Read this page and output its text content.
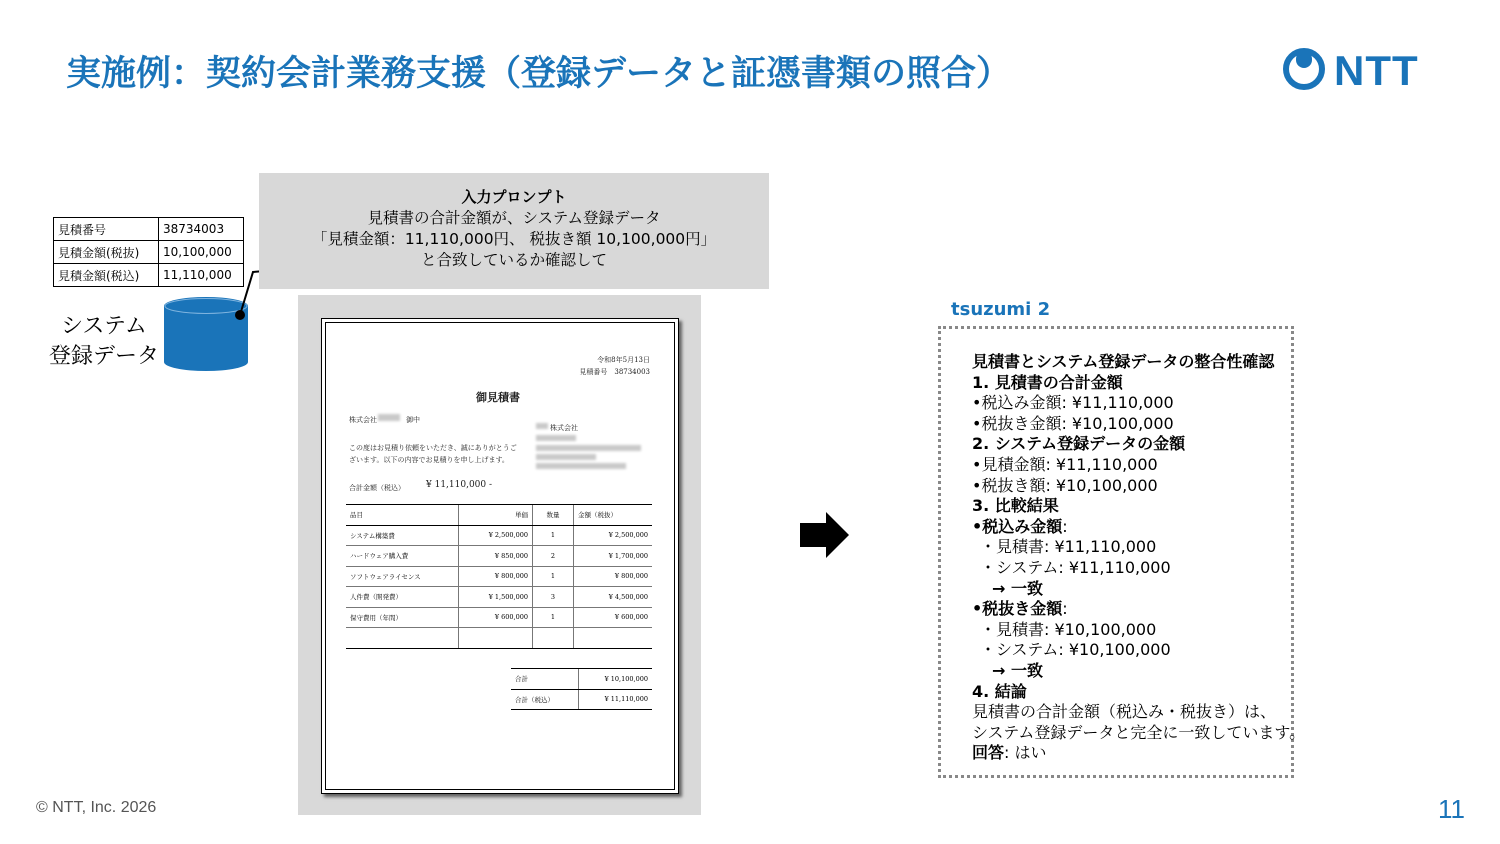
実施例：契約会計業務支援（登録データと証憑書類の照合）	NTT
見積番号	38734003
見積金額(税抜)	10,100,000
見積金額(税込)	11,110,000
システム
登録データ
入力プロンプト
見積書の合計金額が、システム登録データ
「見積金額：11,110,000円、 税抜き額 10,100,000円」
と合致しているか確認して
令和8年5月13日
見積番号　38734003
御見積書
株式会社	御中
株式会社
この度はお見積り依頼をいただき、誠にありがとうご
ざいます。以下の内容でお見積りを申し上げます。
合計金額（税込） ¥ 11,110,000 -
品目	単価	数量	金額（税抜）
システム構築費	¥ 2,500,000	1	¥ 2,500,000
ハードウェア購入費	¥ 850,000	2	¥ 1,700,000
ソフトウェアライセンス	¥ 800,000	1	¥ 800,000
人件費（開発費）	¥ 1,500,000	3	¥ 4,500,000
保守費用（年間）	¥ 600,000	1	¥ 600,000

合計	¥ 10,100,000
合計（税込）	¥ 11,110,000
tsuzumi 2
見積書とシステム登録データの整合性確認
1. 見積書の合計金額
•税込み金額: ¥11,110,000
•税抜き金額: ¥10,100,000
2. システム登録データの金額
•見積金額: ¥11,110,000
•税抜き額: ¥10,100,000
3. 比較結果
•税込み金額:
・見積書: ¥11,110,000
・システム: ¥11,110,000
→ 一致
•税抜き金額:
・見積書: ¥10,100,000
・システム: ¥10,100,000
→ 一致
4. 結論
見積書の合計金額（税込み・税抜き）は、
システム登録データと完全に一致しています。
回答: はい
© NTT, Inc. 2026	11
